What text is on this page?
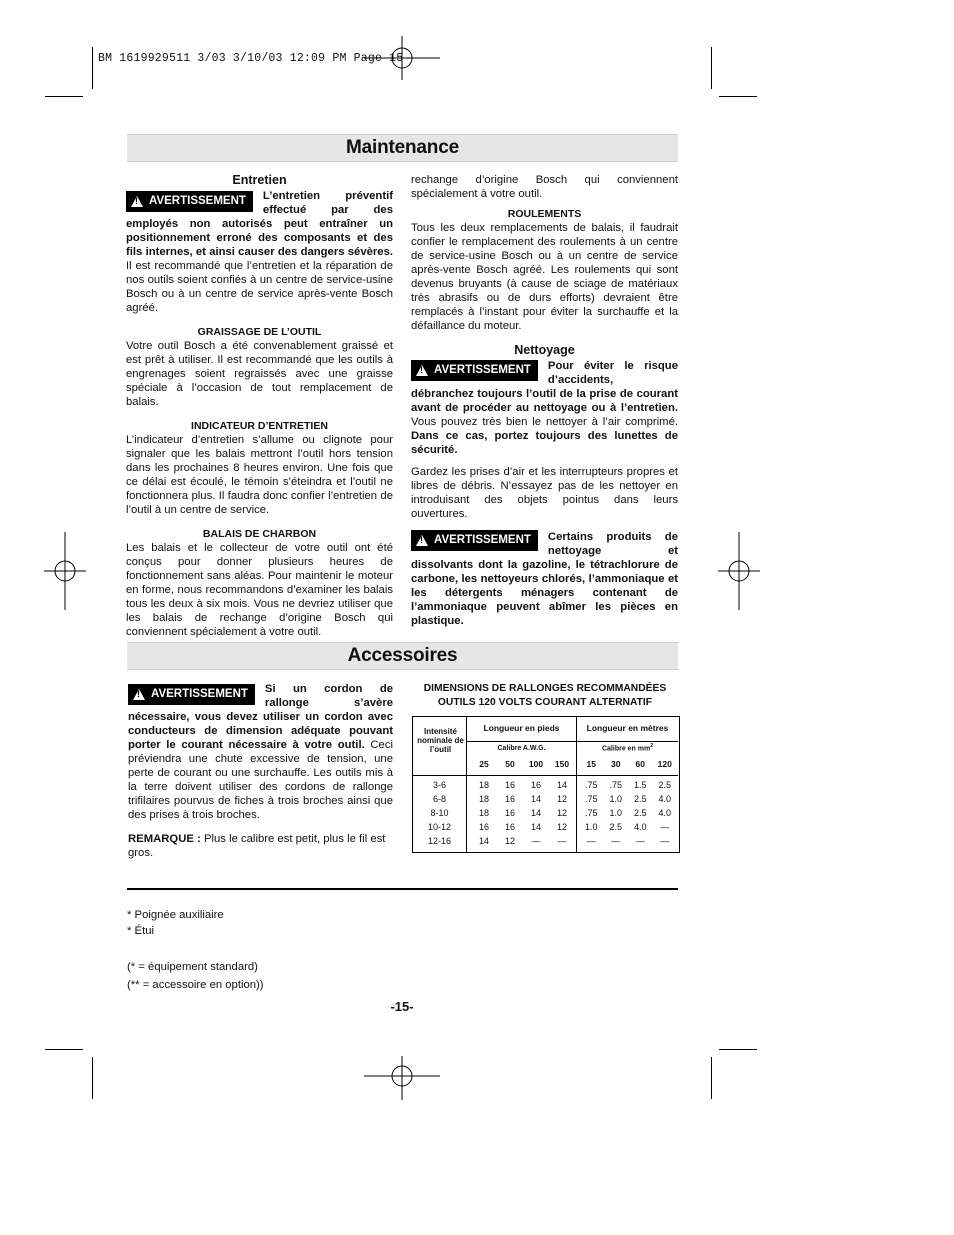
BM 1619929511 3/03 3/10/03 12:09 PM Page 15
Maintenance

Entretien

!
AVERTISSEMENT	L’entretien préventif effectué par des employés non autorisés peut entraîner un positionnement erroné des composants et des fils internes, et ainsi causer des dangers sévères. Il est recommandé que l’entretien et la réparation de nos outils soient confiés à un centre de service-usine Bosch ou à un centre de service après-vente Bosch agréé.

GRAISSAGE DE L’OUTIL

Votre outil Bosch a été convenablement graissé et est prêt à utiliser. Il est recommandé que les outils à engrenages soient regraissés avec une graisse spéciale à l’occasion de tout remplacement de balais.

INDICATEUR D’ENTRETIEN

L’indicateur d’entretien s’allume ou clignote pour signaler que les balais mettront l’outil hors tension dans les prochaines 8 heures environ. Une fois que ce délai est écoulé, le témoin s’éteindra et l’outil ne fonctionnera plus. Il faudra donc confier l’entretien de l’outil à un centre de service.

BALAIS DE CHARBON

Les balais et le collecteur de votre outil ont été conçus pour donner plusieurs heures de fonctionnement sans aléas. Pour maintenir le moteur en forme, nous recommandons d’examiner les balais tous les deux à six mois. Vous ne devriez utiliser que les balais de rechange d’origine Bosch qui conviennent spécialement à votre outil.

rechange d’origine Bosch qui conviennent spécialement à votre outil.

ROULEMENTS

Tous les deux remplacements de balais, il faudrait confier le remplacement des roulements à un centre de service-usine Bosch ou à un centre de service après-vente Bosch agréé. Les roulements qui sont devenus bruyants (à cause de sciage de matériaux très abrasifs ou de durs efforts) devraient être remplacés à l’instant pour éviter la surchauffe et la défaillance du moteur.

Nettoyage

!
AVERTISSEMENT	Pour éviter le risque d’accidents, débranchez toujours l’outil de la prise de courant avant de procéder au nettoyage ou à l’entretien. Vous pouvez très bien le nettoyer à l’air comprimé. Dans ce cas, portez toujours des lunettes de sécurité.

Gardez les prises d’air et les interrupteurs propres et libres de débris. N’essayez pas de les nettoyer en introduisant des objets pointus dans leurs ouvertures.

!
AVERTISSEMENT	Certains produits de nettoyage et dissolvants dont la gazoline, le tétrachlorure de carbone, les nettoyeurs chlorés, l’ammoniaque et les détergents ménagers contenant de l’ammoniaque peuvent abîmer les pièces en plastique.

Accessoires
!
AVERTISSEMENT	Si un cordon de rallonge s’avère nécessaire, vous devez utiliser un cordon avec conducteurs de dimension adéquate pouvant porter le courant nécessaire à votre outil. Ceci préviendra une chute excessive de tension, une perte de courant ou une surchauffe. Les outils mis à la terre doivent utiliser des cordons de rallonge trifilaires pourvus de fiches à trois broches ainsi que des prises à trois broches.

REMARQUE : Plus le calibre est petit, plus le fil est gros.

DIMENSIONS DE RALLONGES RECOMMANDÉES
OUTILS 120 VOLTS COURANT ALTERNATIF
Intensité nominale de l’outil
Longueur en pieds	Longueur en mètres
Calibre A.W.G.	Calibre en $mm^2$
25 50 100 150	15 30 60 120
3-6	18 16 16 14	.75 .75 1.5 2.5
6-8	18 16 14 12	.75 1.0 2.5 4.0
8-10	18 16 14 12	.75 1.0 2.5 4.0
10-12	16 16 14 12	1.0 2.5 4.0 —
12-16	14 12 — —	— — — —
* Poignée auxiliaire
* Étui
(* = équipement standard)
(** = accessoire en option))
-15-
